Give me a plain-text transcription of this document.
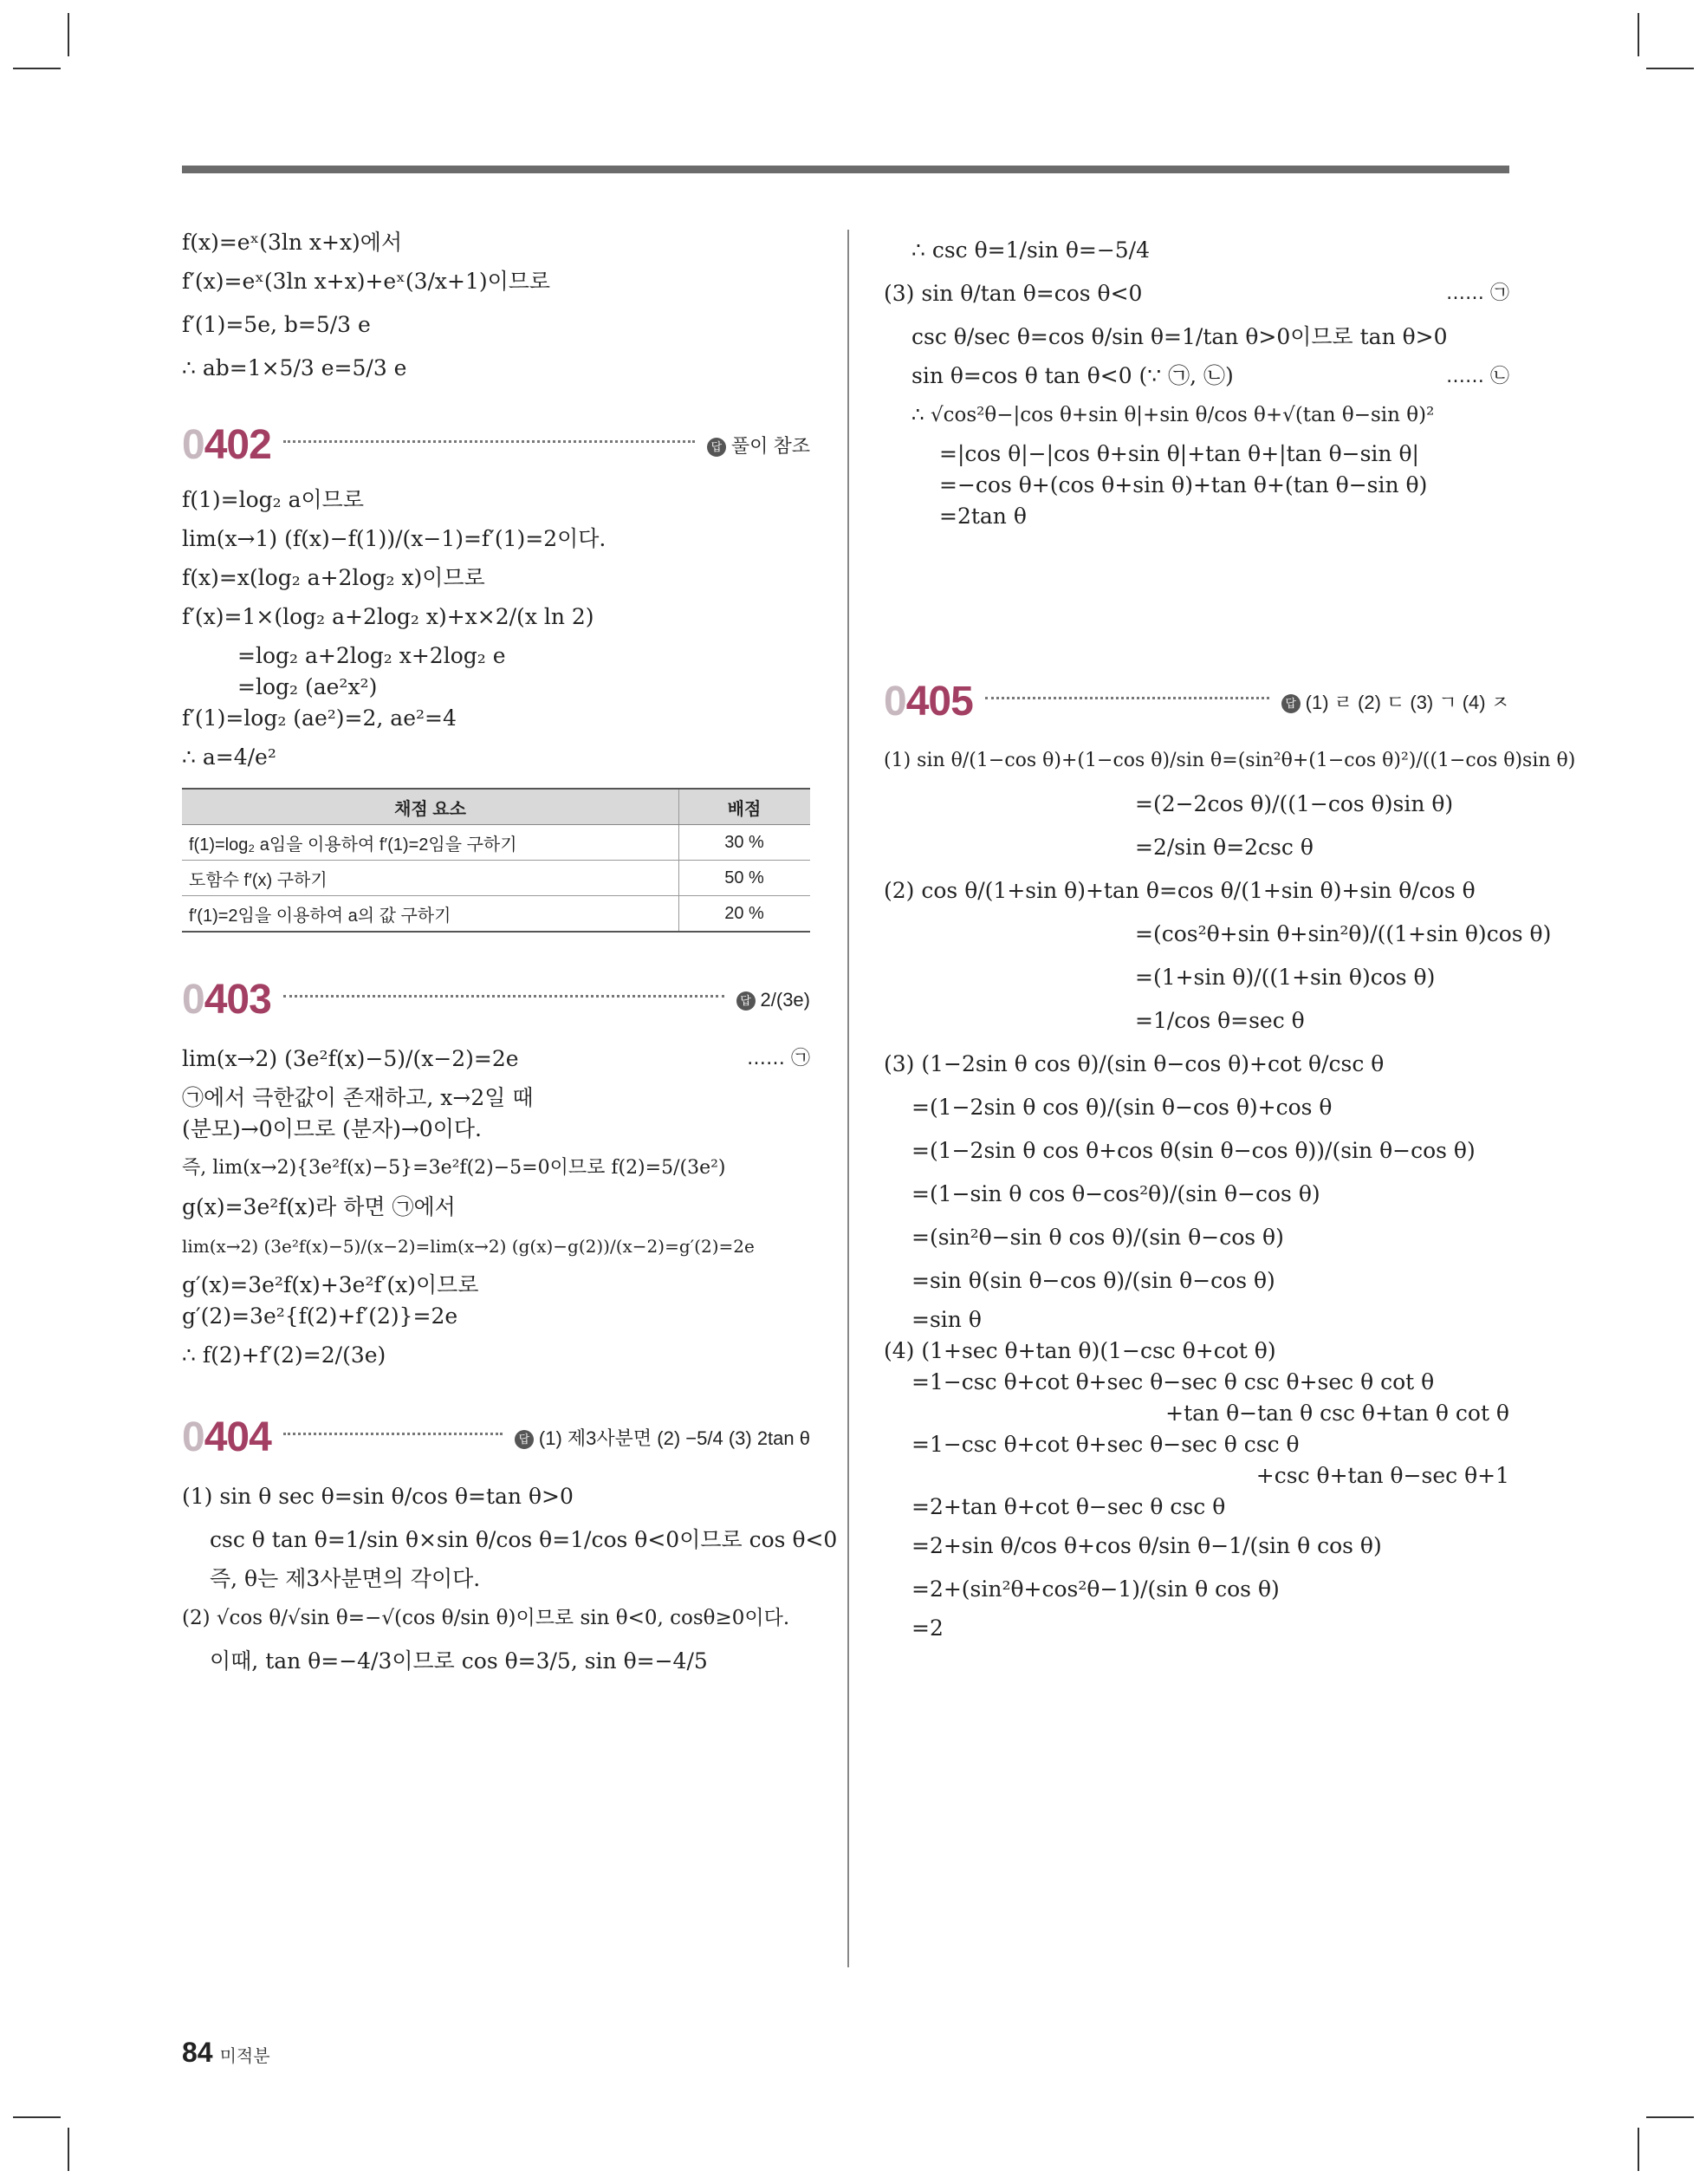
f(x)=eˣ(3ln x+x)에서
f′(x)=eˣ(3ln x+x)+eˣ(3/x+1)이므로
f′(1)=5e, b=5/3 e
∴ ab=1×5/3 e=5/3 e
0402	답 풀이 참조
f(1)=log₂ a이므로
lim(x→1) (f(x)−f(1))/(x−1)=f′(1)=2이다.
f(x)=x(log₂ a+2log₂ x)이므로
f′(x)=1×(log₂ a+2log₂ x)+x×2/(x ln 2)
=log₂ a+2log₂ x+2log₂ e
=log₂ (ae²x²)
f′(1)=log₂ (ae²)=2, ae²=4
∴ a=4/e²
채점 요소	배점
f(1)=log₂ a임을 이용하여 f′(1)=2임을 구하기	30 %
도함수 f′(x) 구하기	50 %
f′(1)=2임을 이용하여 a의 값 구하기	20 %
0403	답 2/(3e)
lim(x→2) (3e²f(x)−5)/(x−2)=2e	…… ㉠
㉠에서 극한값이 존재하고, x→2일 때
(분모)→0이므로 (분자)→0이다.
즉, lim(x→2){3e²f(x)−5}=3e²f(2)−5=0이므로 f(2)=5/(3e²)
g(x)=3e²f(x)라 하면 ㉠에서
lim(x→2) (3e²f(x)−5)/(x−2)=lim(x→2) (g(x)−g(2))/(x−2)=g′(2)=2e
g′(x)=3e²f(x)+3e²f′(x)이므로
g′(2)=3e²{f(2)+f′(2)}=2e
∴ f(2)+f′(2)=2/(3e)
0404	답 (1) 제3사분면 (2) −5/4 (3) 2tan θ
(1) sin θ sec θ=sin θ/cos θ=tan θ>0
csc θ tan θ=1/sin θ×sin θ/cos θ=1/cos θ<0이므로 cos θ<0
즉, θ는 제3사분면의 각이다.
(2) √cos θ/√sin θ=−√(cos θ/sin θ)이므로 sin θ<0, cosθ≥0이다.
이때, tan θ=−4/3이므로 cos θ=3/5, sin θ=−4/5
∴ csc θ=1/sin θ=−5/4
(3) sin θ/tan θ=cos θ<0	…… ㉠
csc θ/sec θ=cos θ/sin θ=1/tan θ>0이므로 tan θ>0
…… ㉡
sin θ=cos θ tan θ<0 (∵ ㉠, ㉡)
∴ √cos²θ−|cos θ+sin θ|+sin θ/cos θ+√(tan θ−sin θ)²
=|cos θ|−|cos θ+sin θ|+tan θ+|tan θ−sin θ|
=−cos θ+(cos θ+sin θ)+tan θ+(tan θ−sin θ)
=2tan θ
0405	답 (1) ㄹ (2) ㄷ (3) ㄱ (4) ㅈ
(1) sin θ/(1−cos θ)+(1−cos θ)/sin θ=(sin²θ+(1−cos θ)²)/((1−cos θ)sin θ)
=(2−2cos θ)/((1−cos θ)sin θ)
=2/sin θ=2csc θ
(2) cos θ/(1+sin θ)+tan θ=cos θ/(1+sin θ)+sin θ/cos θ
=(cos²θ+sin θ+sin²θ)/((1+sin θ)cos θ)
=(1+sin θ)/((1+sin θ)cos θ)
=1/cos θ=sec θ
(3) (1−2sin θ cos θ)/(sin θ−cos θ)+cot θ/csc θ
=(1−2sin θ cos θ)/(sin θ−cos θ)+cos θ
=(1−2sin θ cos θ+cos θ(sin θ−cos θ))/(sin θ−cos θ)
=(1−sin θ cos θ−cos²θ)/(sin θ−cos θ)
=(sin²θ−sin θ cos θ)/(sin θ−cos θ)
=sin θ(sin θ−cos θ)/(sin θ−cos θ)
=sin θ
(4) (1+sec θ+tan θ)(1−csc θ+cot θ)
=1−csc θ+cot θ+sec θ−sec θ csc θ+sec θ cot θ
+tan θ−tan θ csc θ+tan θ cot θ
=1−csc θ+cot θ+sec θ−sec θ csc θ
+csc θ+tan θ−sec θ+1
=2+tan θ+cot θ−sec θ csc θ
=2+sin θ/cos θ+cos θ/sin θ−1/(sin θ cos θ)
=2+(sin²θ+cos²θ−1)/(sin θ cos θ)
=2
84 미적분
